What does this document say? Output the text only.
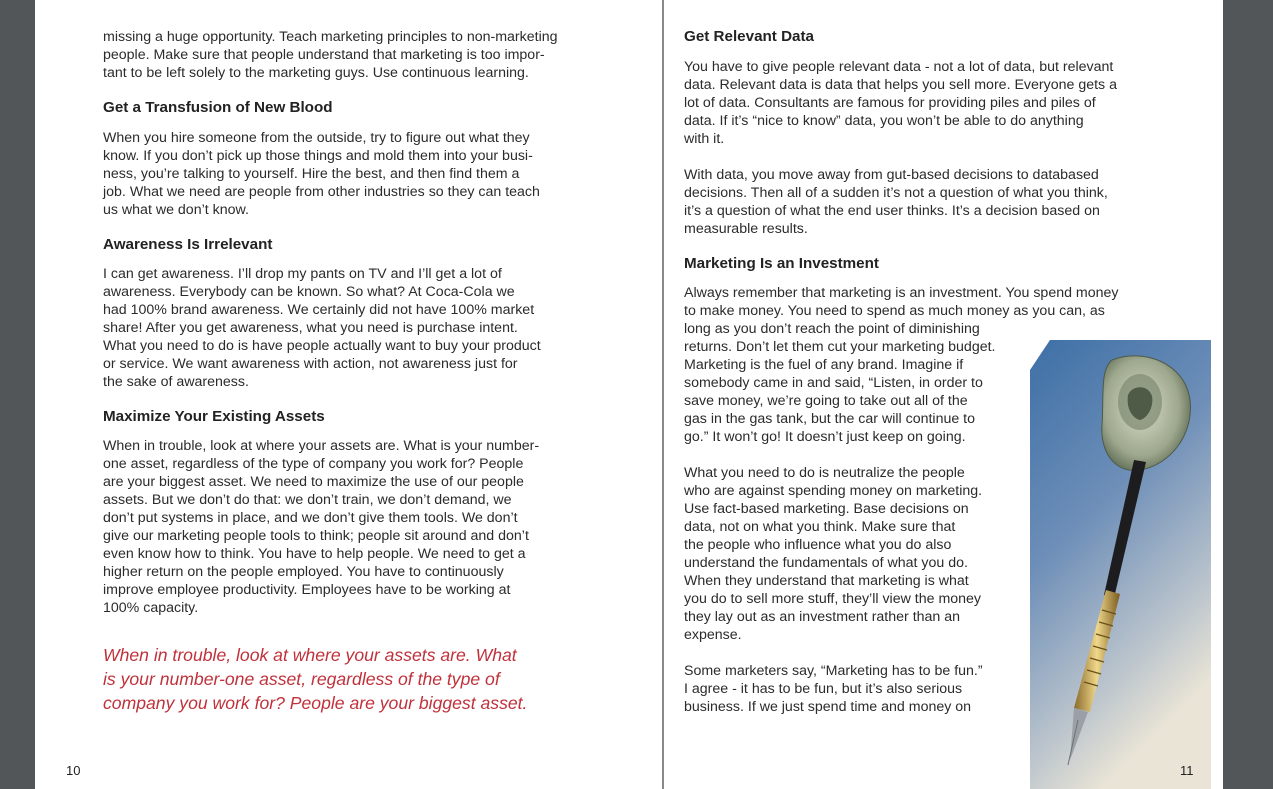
missing a huge opportunity. Teach marketing principles to non-marketing
people. Make sure that people understand that marketing is too impor-
tant to be left solely to the marketing guys. Use continuous learning.

Get a Transfusion of New Blood

When you hire someone from the outside, try to figure out what they
know. If you don’t pick up those things and mold them into your busi-
ness, you’re talking to yourself. Hire the best, and then find them a
job. What we need are people from other industries so they can teach
us what we don’t know.

Awareness Is Irrelevant

I can get awareness. I’ll drop my pants on TV and I’ll get a lot of
awareness. Everybody can be known. So what? At Coca-Cola we
had 100% brand awareness. We certainly did not have 100% market
share! After you get awareness, what you need is purchase intent.
What you need to do is have people actually want to buy your product
or service. We want awareness with action, not awareness just for
the sake of awareness.

Maximize Your Existing Assets

When in trouble, look at where your assets are. What is your number-
one asset, regardless of the type of company you work for? People
are your biggest asset. We need to maximize the use of our people
assets. But we don’t do that: we don’t train, we don’t demand, we
don’t put systems in place, and we don’t give them tools. We don’t
give our marketing people tools to think; people sit around and don’t
even know how to think. You have to help people. We need to get a
higher return on the people employed. You have to continuously
improve employee productivity. Employees have to be working at
100% capacity.

When in trouble, look at where your assets are. What
is your number-one asset, regardless of the type of
company you work for? People are your biggest asset.

10
Get Relevant Data

You have to give people relevant data - not a lot of data, but relevant
data. Relevant data is data that helps you sell more. Everyone gets a
lot of data. Consultants are famous for providing piles and piles of
data. If it’s “nice to know” data, you won’t be able to do anything
with it.

With data, you move away from gut-based decisions to databased
decisions. Then all of a sudden it’s not a question of what you think,
it’s a question of what the end user thinks. It’s a decision based on
measurable results.

Marketing Is an Investment

Always remember that marketing is an investment. You spend money
to make money. You need to spend as much money as you can, as
long as you don’t reach the point of diminishing
returns. Don’t let them cut your marketing budget.
Marketing is the fuel of any brand. Imagine if
somebody came in and said, “Listen, in order to
save money, we’re going to take out all of the
gas in the gas tank, but the car will continue to
go.” It won’t go! It doesn’t just keep on going.

What you need to do is neutralize the people
who are against spending money on marketing.
Use fact-based marketing. Base decisions on
data, not on what you think. Make sure that
the people who influence what you do also
understand the fundamentals of what you do.
When they understand that marketing is what
you do to sell more stuff, they’ll view the money
they lay out as an investment rather than an
expense.

Some marketers say, “Marketing has to be fun.”
I agree - it has to be fun, but it’s also serious
business. If we just spend time and money on

11
